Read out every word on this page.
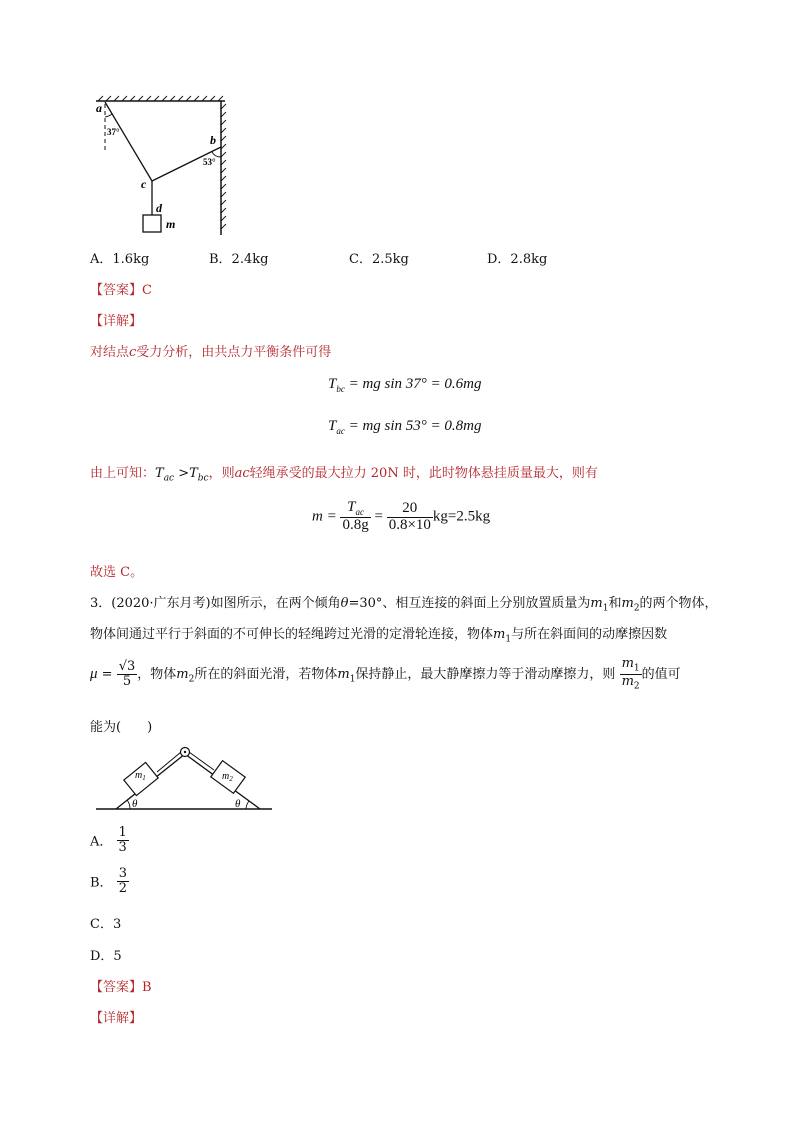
a
37°
b
53°
c
d
m
A．1.6kg	B．2.4kg	C．2.5kg	D．2.8kg
【答案】C
【详解】
对结点c受力分析，由共点力平衡条件可得
$T_{bc}$ = mg sin 37° = 0.6mg
$T_{ac}$ = mg sin 53° = 0.8mg
由上可知：$T_{ac} >T_{bc}$，则ac轻绳承受的最大拉力 20N 时，此时物体悬挂质量最大，则有
$m = \frac{T_{ac}}{0.8g} = \frac{20}{0.8\times 10} kg=2.5kg$
故选 C。
3．(2020·广东月考)如图所示，在两个倾角θ=30°、相互连接的斜面上分别放置质量为$m_1$和$m_2$的两个物体，
物体间通过平行于斜面的不可伸长的轻绳跨过光滑的定滑轮连接，物体$m_1$与所在斜面间的动摩擦因数
$\mu = \frac{√3}{5}$ ，物体$m_2$所在的斜面光滑，若物体$m_1$保持静止，最大静摩擦力等于滑动摩擦力，则 $\frac{m_1}{m_2}$ 的值可
能为(　　)
$m_1$	$m_2$
θ	θ
A． $\frac{1}{3}$
B． $\frac{3}{2}$
C．3
D．5
【答案】B
【详解】
